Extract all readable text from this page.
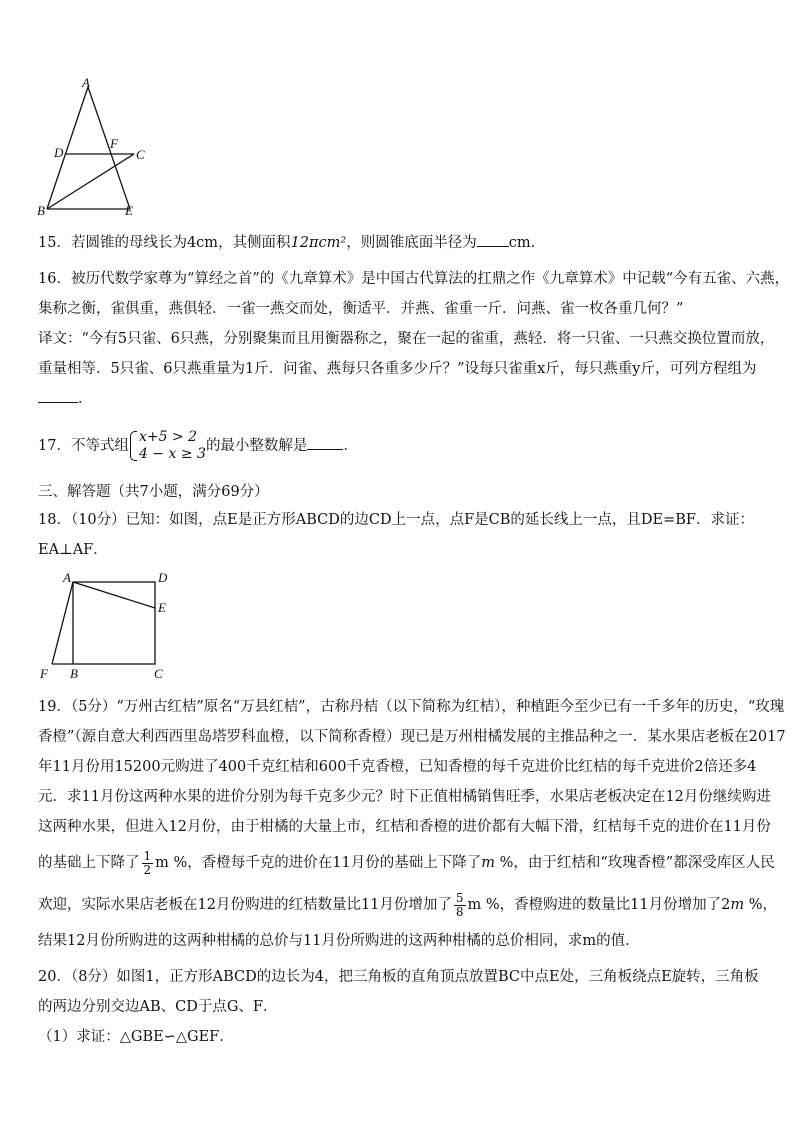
A
D
F
C
B	E
15．若圆锥的母线长为4cm，其侧面积12πcm²，则圆锥底面半径为 cm．
16．被历代数学家尊为“算经之首”的《九章算术》是中国古代算法的扛鼎之作《九章算术》中记载“今有五雀、六燕，
集称之衡，雀俱重，燕俱轻．一雀一燕交而处，衡适平．并燕、雀重一斤．问燕、雀一枚各重几何？”
译文：“今有5只雀、6只燕，分别聚集而且用衡器称之，聚在一起的雀重，燕轻．将一只雀、一只燕交换位置而放，
重量相等．5只雀、6只燕重量为1斤．问雀、燕每只各重多少斤？”设每只雀重x斤，每只燕重y斤，可列方程组为
．
17．不等式组
x+5 > 2
4 − x ≥ 3 的最小整数解是 ．
三、解答题（共7小题，满分69分）
18．（10分）已知：如图，点E是正方形ABCD的边CD上一点，点F是CB的延长线上一点，且DE=BF．求证：
EA⊥AF．
A	D
E
F B	C
19．（5分）“万州古红桔”原名“万县红桔”，古称丹桔（以下简称为红桔），种植距今至少已有一千多年的历史，“玫瑰
香橙”（源自意大利西西里岛塔罗科血橙，以下简称香橙）现已是万州柑橘发展的主推品种之一．某水果店老板在2017
年11月份用15200元购进了400千克红桔和600千克香橙，已知香橙的每千克进价比红桔的每千克进价2倍还多4
元．求11月份这两种水果的进价分别为每千克多少元？时下正值柑橘销售旺季，水果店老板决定在12月份继续购进
这两种水果，但进入12月份，由于柑橘的大量上市，红桔和香橙的进价都有大幅下滑，红桔每千克的进价在11月份
的基础上下降了 $\frac{1}{2}$ m %，香橙每千克的进价在11月份的基础上下降了m %，由于红桔和“玫瑰香橙”都深受库区人民
欢迎，实际水果店老板在12月份购进的红桔数量比11月份增加了 $\frac{5}{8}$ m %，香橙购进的数量比11月份增加了2m %，
结果12月份所购进的这两种柑橘的总价与11月份所购进的这两种柑橘的总价相同，求m的值．
20．（8分）如图1，正方形ABCD的边长为4，把三角板的直角顶点放置BC中点E处，三角板绕点E旋转，三角板
的两边分别交边AB、CD于点G、F．
（1）求证：△GBE∽△GEF．
